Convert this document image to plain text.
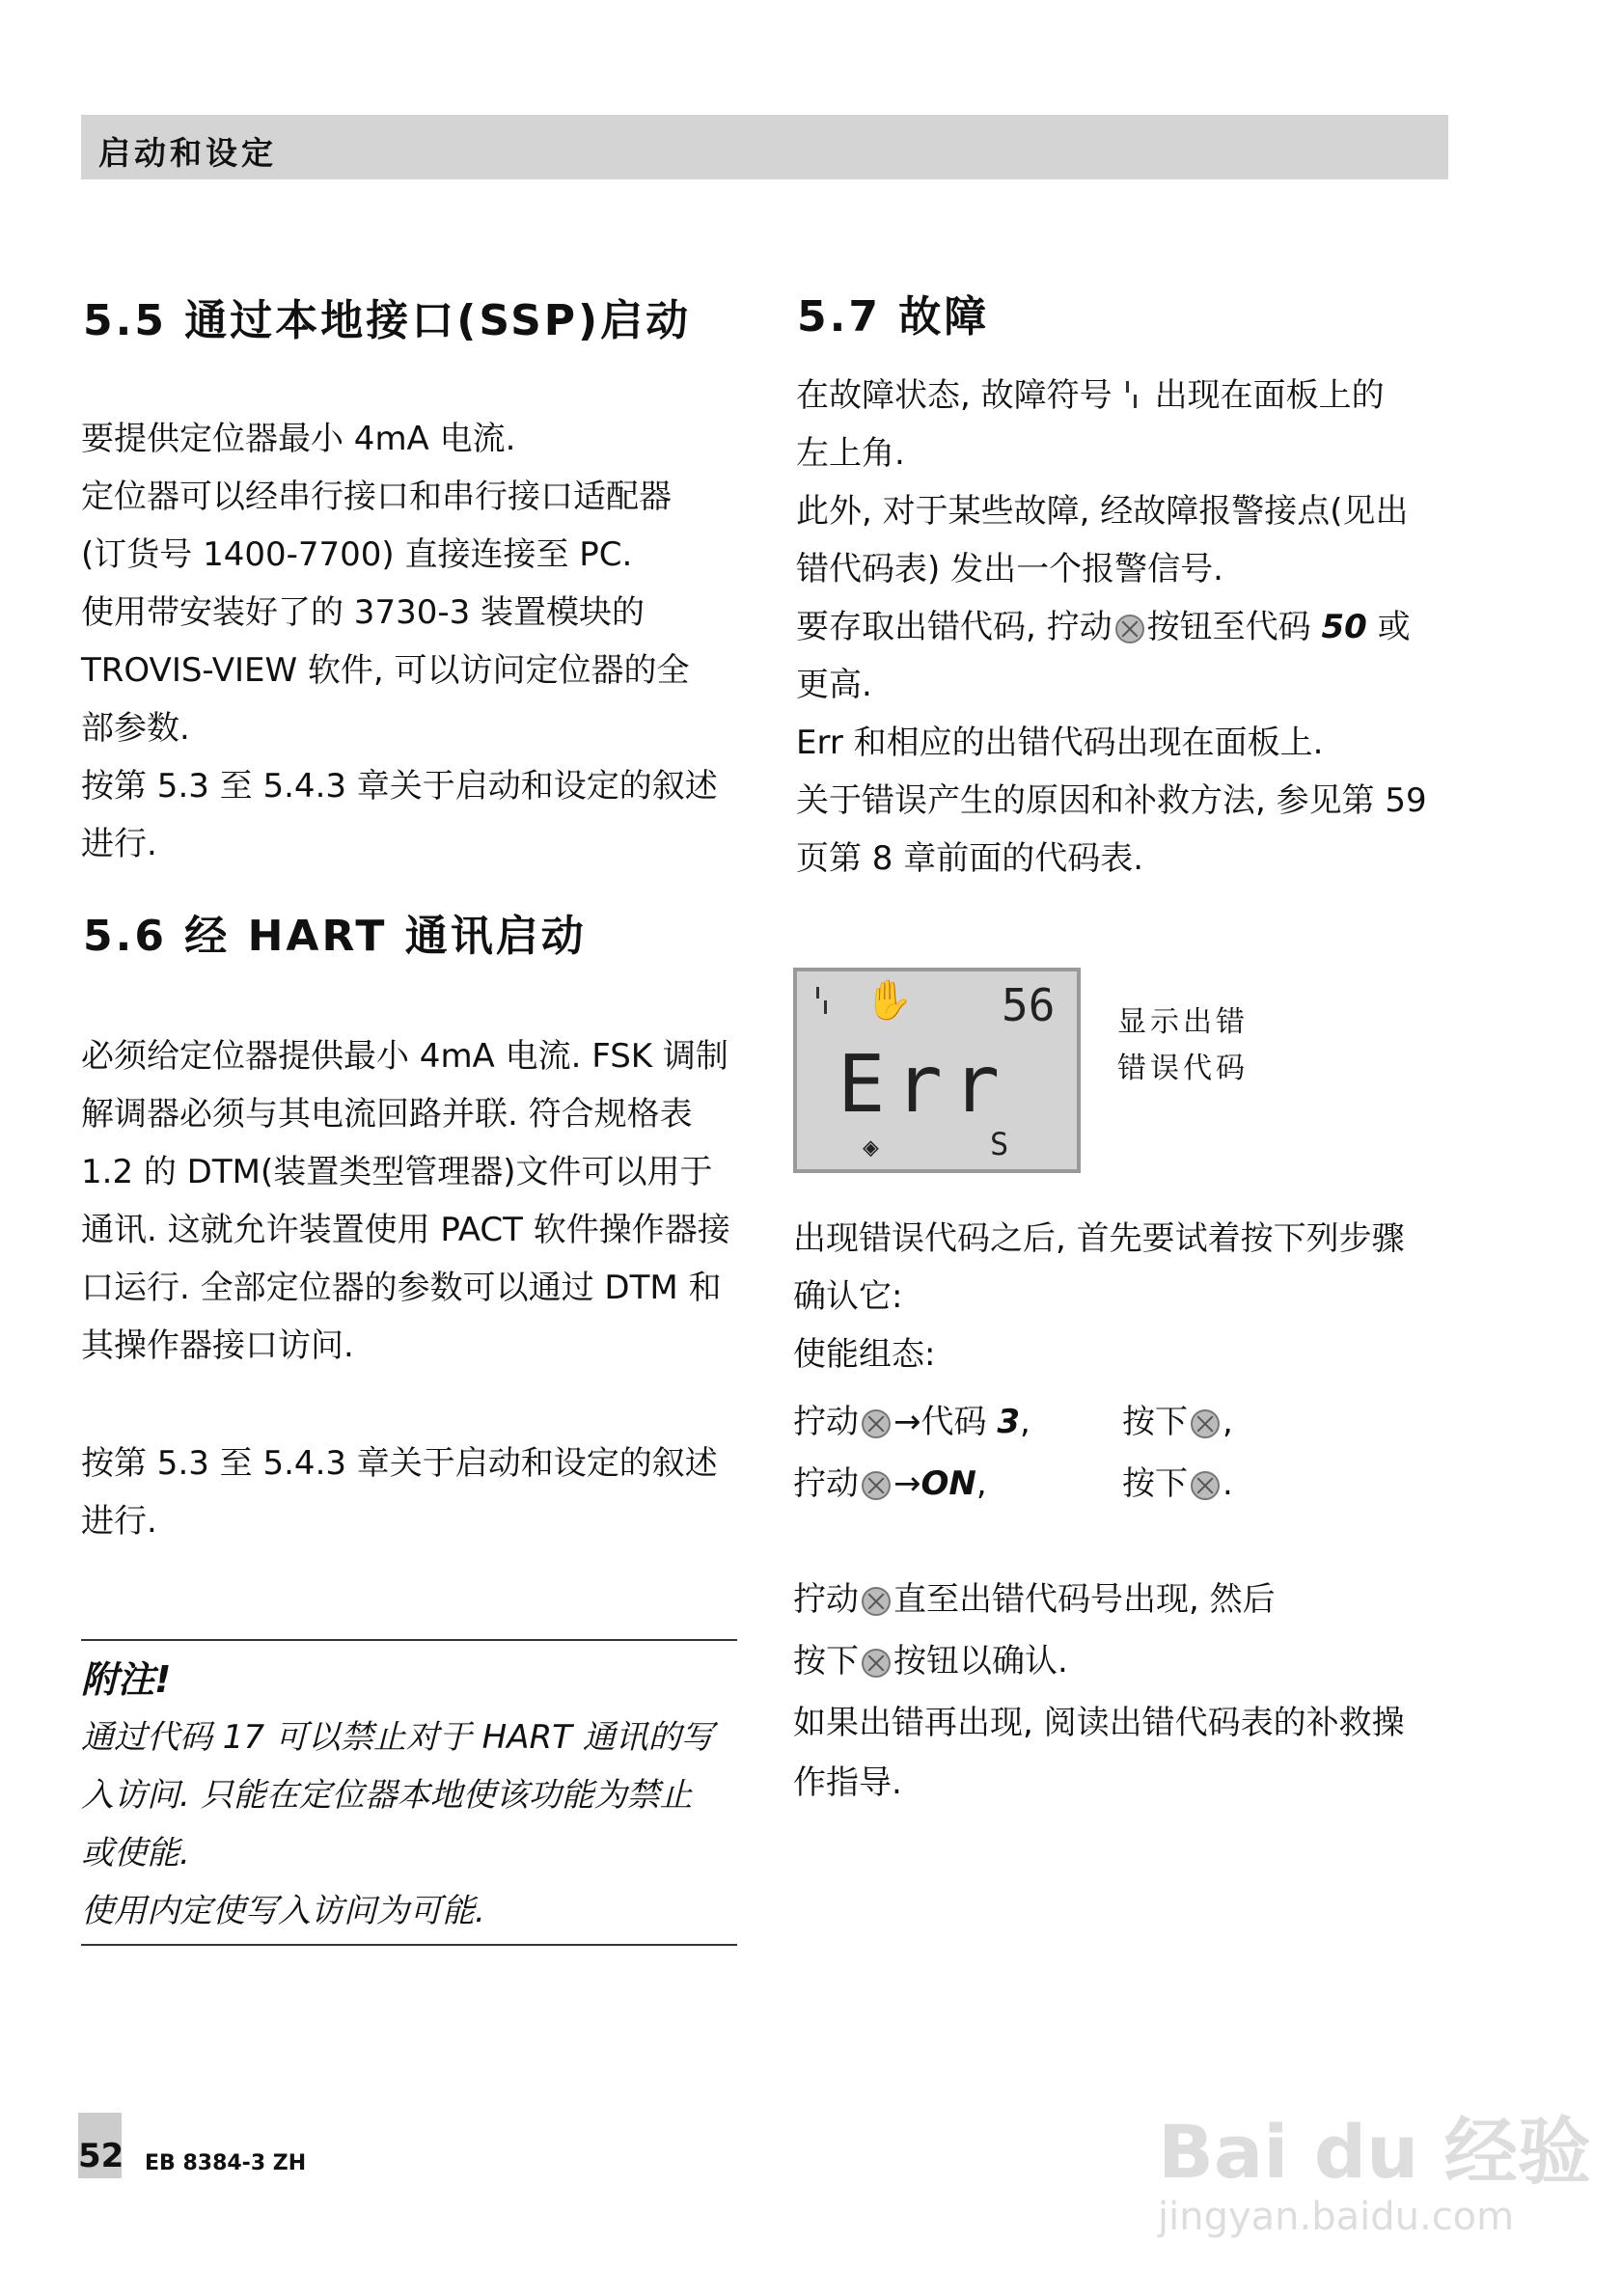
启动和设定
5.5 通过本地接口(SSP)启动
要提供定位器最小 4mA 电流.
定位器可以经串行接口和串行接口适配器
(订货号 1400-7700) 直接连接至 PC.
使用带安装好了的 3730-3 装置模块的
TROVIS-VIEW 软件, 可以访问定位器的全
部参数.
按第 5.3 至 5.4.3 章关于启动和设定的叙述
进行.
5.6 经 HART 通讯启动
必须给定位器提供最小 4mA 电流. FSK 调制
解调器必须与其电流回路并联. 符合规格表
1.2 的 DTM(装置类型管理器)文件可以用于
通讯. 这就允许装置使用 PACT 软件操作器接
口运行. 全部定位器的参数可以通过 DTM 和
其操作器接口访问.
按第 5.3 至 5.4.3 章关于启动和设定的叙述
进行.
附注!
通过代码 17 可以禁止对于 HART 通讯的写
入访问. 只能在定位器本地使该功能为禁止
或使能.
使用内定使写入访问为可能.
5.7 故障
在故障状态, 故障符号 出现在面板上的
左上角.
此外, 对于某些故障, 经故障报警接点(见出
错代码表) 发出一个报警信号.
要存取出错代码, 拧动 按钮至代码 50 或
更高.
Err 和相应的出错代码出现在面板上.
关于错误产生的原因和补救方法, 参见第 59
页第 8 章前面的代码表.
✋ 56
Err
◈	S
显示出错
错误代码
出现错误代码之后, 首先要试着按下列步骤
确认它:
使能组态:
拧动 →代码 3,	按下 ,
拧动 →ON,	按下 .
拧动 直至出错代码号出现, 然后
按下 按钮以确认.
如果出错再出现, 阅读出错代码表的补救操
作指导.
52 EB 8384-3 ZH	Bai du 经验
jingyan.baidu.com
